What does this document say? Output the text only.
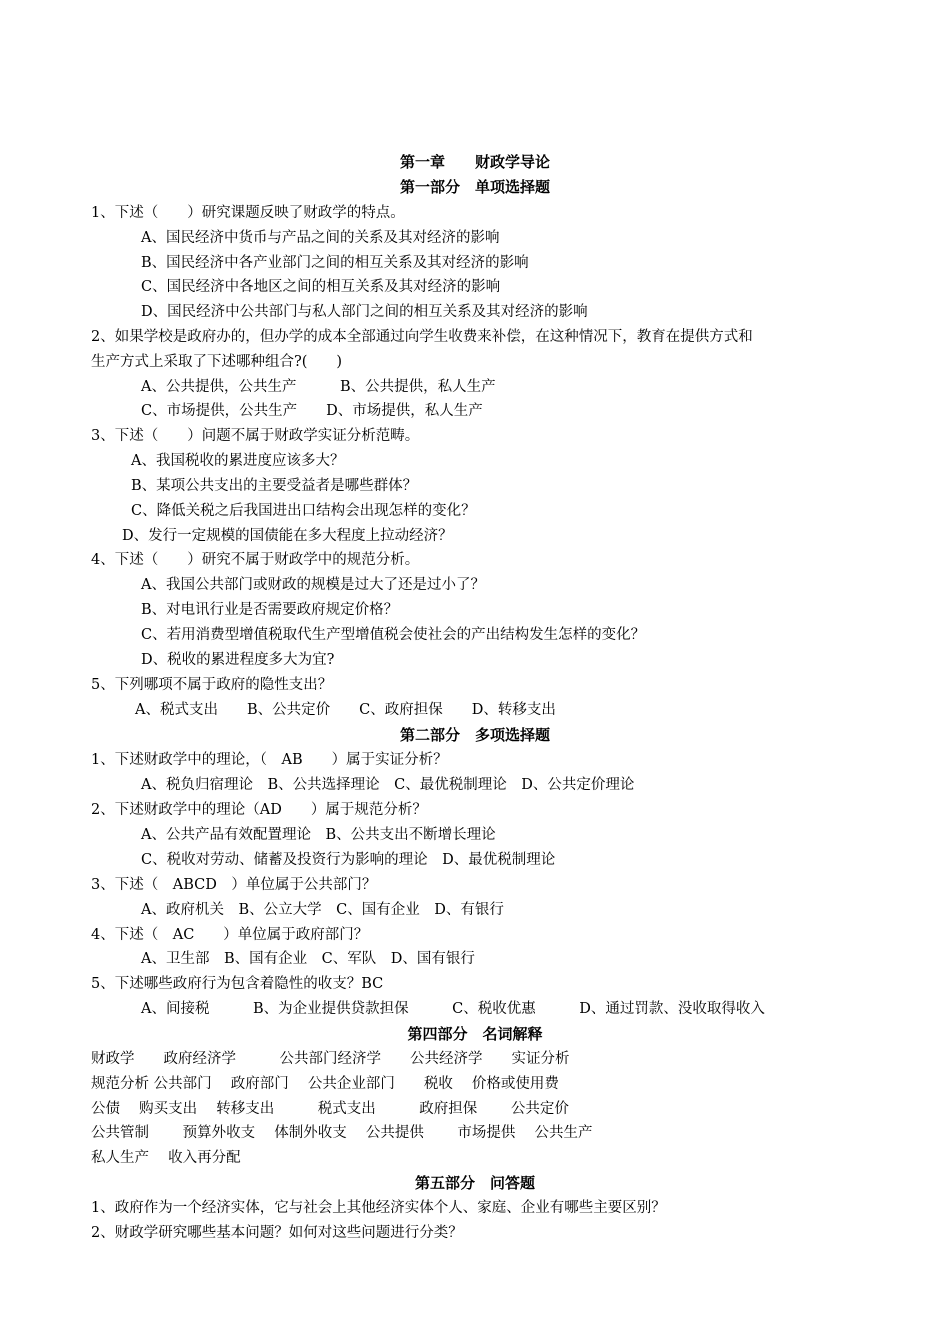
第一章　　财政学导论
第一部分　单项选择题
1、下述（　　）研究课题反映了财政学的特点。
A、国民经济中货币与产品之间的关系及其对经济的影响
B、国民经济中各产业部门之间的相互关系及其对经济的影响
C、国民经济中各地区之间的相互关系及其对经济的影响
D、国民经济中公共部门与私人部门之间的相互关系及其对经济的影响
2、如果学校是政府办的，但办学的成本全部通过向学生收费来补偿，在这种情况下，教育在提供方式和
生产方式上采取了下述哪种组合?(　　)
A、公共提供，公共生产　　　B、公共提供，私人生产
C、市场提供，公共生产　　D、市场提供，私人生产
3、下述（　　）问题不属于财政学实证分析范畴。
A、我国税收的累进度应该多大？
B、某项公共支出的主要受益者是哪些群体？
C、降低关税之后我国进出口结构会出现怎样的变化？
D、发行一定规模的国债能在多大程度上拉动经济？
4、下述（　　）研究不属于财政学中的规范分析。
A、我国公共部门或财政的规模是过大了还是过小了？
B、对电讯行业是否需要政府规定价格？
C、若用消费型增值税取代生产型增值税会使社会的产出结构发生怎样的变化？
D、税收的累进程度多大为宜?
5、下列哪项不属于政府的隐性支出？
A、税式支出　　B、公共定价　　C、政府担保　　D、转移支出
第二部分　多项选择题
1、下述财政学中的理论，（　AB　　）属于实证分析？
A、税负归宿理论　B、公共选择理论　C、最优税制理论　D、公共定价理论
2、下述财政学中的理论（AD　　）属于规范分析？
A、公共产品有效配置理论　B、公共支出不断增长理论
C、税收对劳动、储蓄及投资行为影响的理论　D、最优税制理论
3、下述（　ABCD　）单位属于公共部门？
A、政府机关　B、公立大学　C、国有企业　D、有银行
4、下述（　AC　　）单位属于政府部门？
A、卫生部　B、国有企业　C、军队　D、国有银行
5、下述哪些政府行为包含着隐性的收支？BC
A、间接税　　　B、为企业提供贷款担保　　　C、税收优惠　　　D、通过罚款、没收取得收入
第四部分　名词解释
财政学　　政府经济学　　　公共部门经济学　　公共经济学　　实证分析
规范分析 公共部门　 政府部门　 公共企业部门　　税收　 价格或使用费
公债　 购买支出　 转移支出　　　税式支出　　　政府担保　　 公共定价
公共管制　　 预算外收支　 体制外收支　 公共提供　　 市场提供　 公共生产
私人生产　 收入再分配
第五部分　问答题
1、政府作为一个经济实体，它与社会上其他经济实体个人、家庭、企业有哪些主要区别？
2、财政学研究哪些基本问题？如何对这些问题进行分类？
